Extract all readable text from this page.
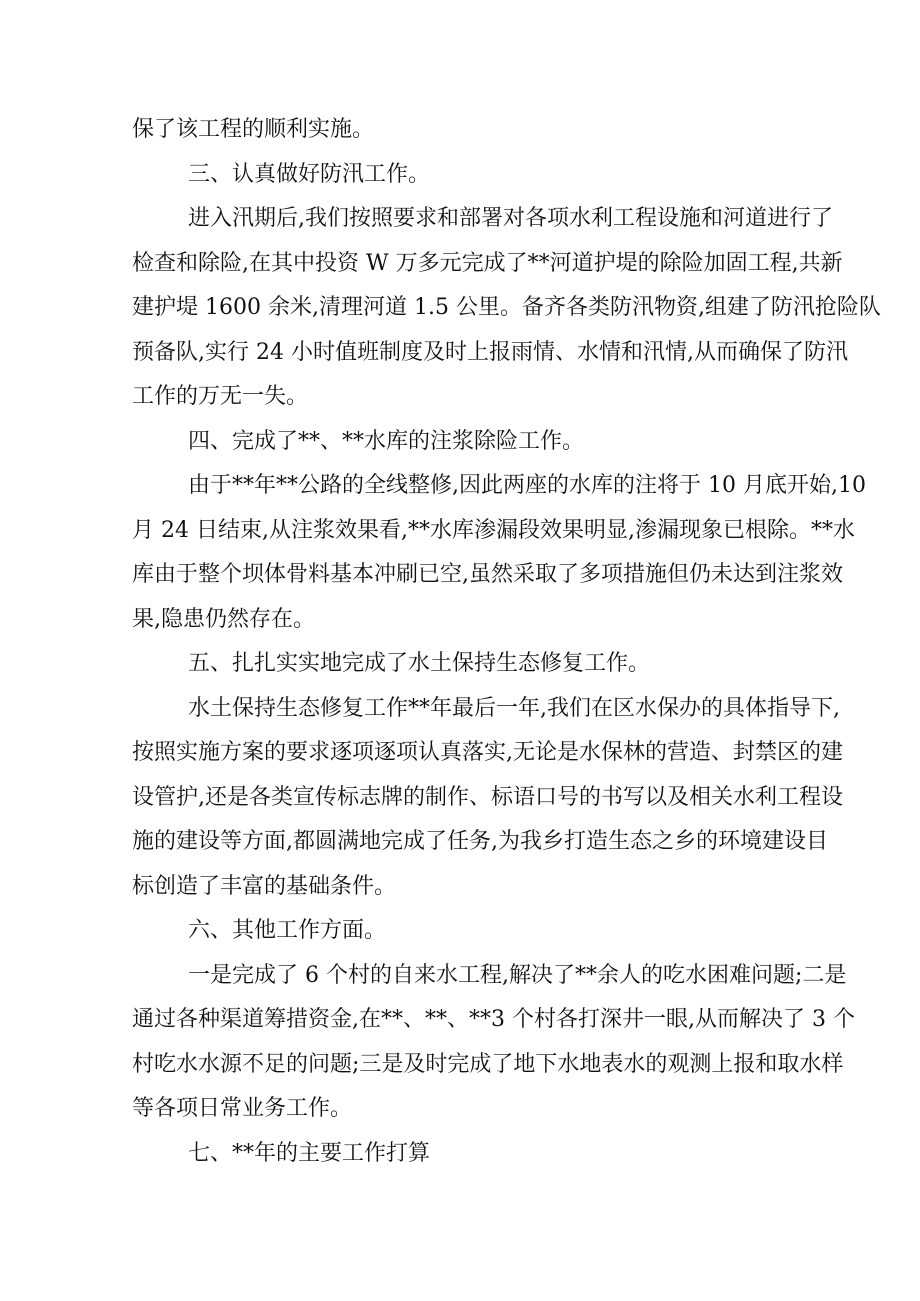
保了该工程的顺利实施。

三、认真做好防汛工作。

进入汛期后,我们按照要求和部署对各项水利工程设施和河道进行了
检查和除险,在其中投资 W 万多元完成了**河道护堤的除险加固工程,共新
建护堤 1600 余米,清理河道 1.5 公里。备齐各类防汛物资,组建了防汛抢险队
预备队,实行 24 小时值班制度及时上报雨情、水情和汛情,从而确保了防汛
工作的万无一失。

四、完成了**、**水库的注浆除险工作。

由于**年**公路的全线整修,因此两座的水库的注将于 10 月底开始,10
月 24 日结束,从注浆效果看,**水库渗漏段效果明显,渗漏现象已根除。**水
库由于整个坝体骨料基本冲刷已空,虽然采取了多项措施但仍未达到注浆效
果,隐患仍然存在。

五、扎扎实实地完成了水土保持生态修复工作。

水土保持生态修复工作**年最后一年,我们在区水保办的具体指导下,
按照实施方案的要求逐项逐项认真落实,无论是水保林的营造、封禁区的建
设管护,还是各类宣传标志牌的制作、标语口号的书写以及相关水利工程设
施的建设等方面,都圆满地完成了任务,为我乡打造生态之乡的环境建设目
标创造了丰富的基础条件。

六、其他工作方面。

一是完成了 6 个村的自来水工程,解决了**余人的吃水困难问题;二是
通过各种渠道筹措资金,在**、**、**3 个村各打深井一眼,从而解决了 3 个
村吃水水源不足的问题;三是及时完成了地下水地表水的观测上报和取水样
等各项日常业务工作。

七、**年的主要工作打算
